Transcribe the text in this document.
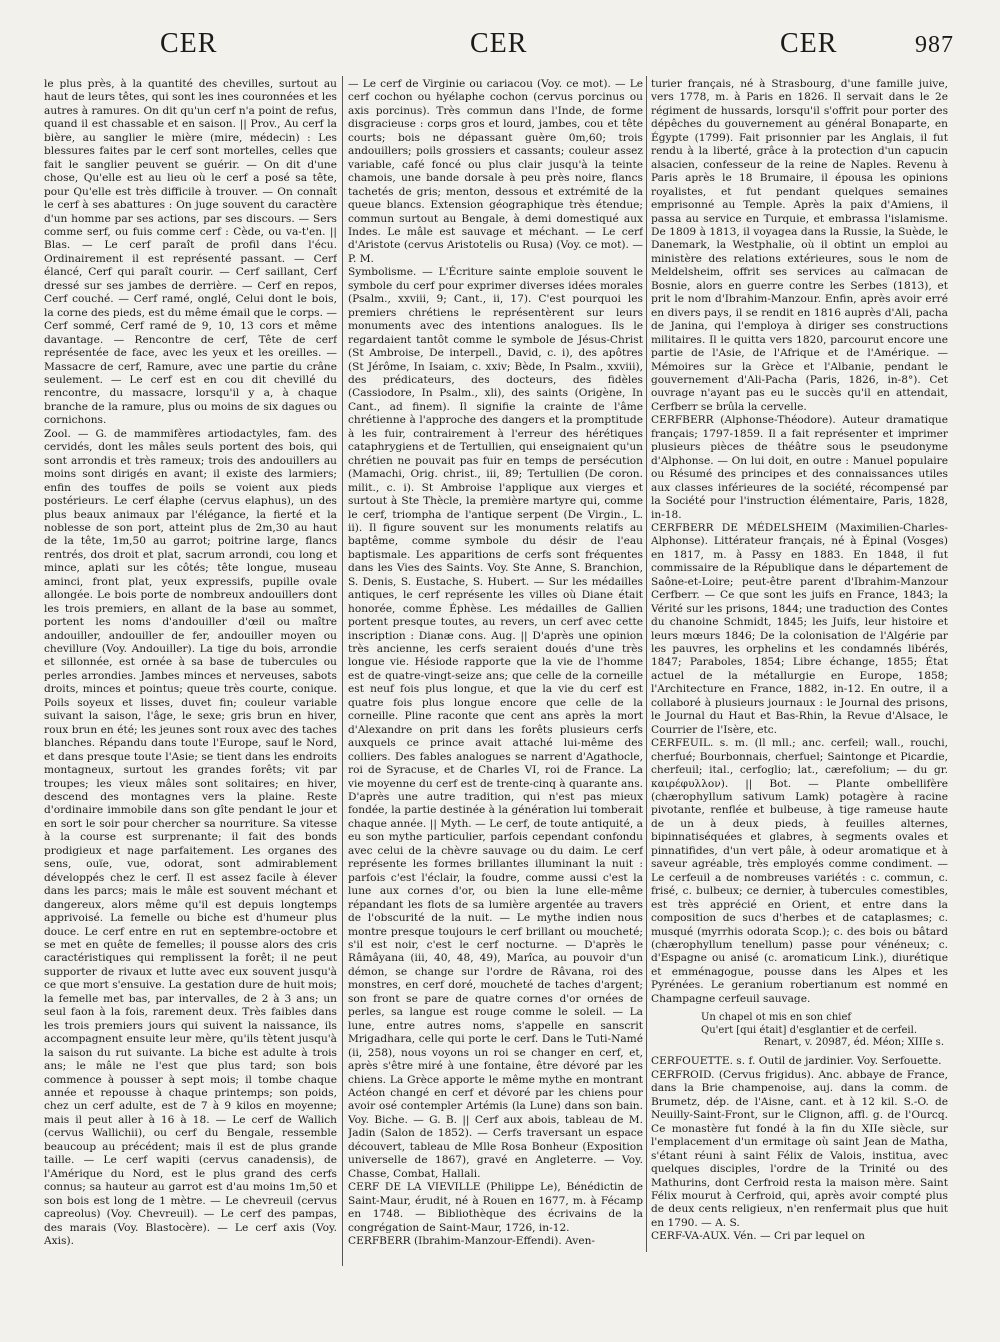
CER	CER	CER	987

le plus près, à la quantité des chevilles, surtout au haut de leurs têtes, qui sont les ines couronnées et les autres à ramures. On dit qu'un cerf n'a point de refus, quand il est chassable et en saison. || Prov., Au cerf la bière, au sanglier le mière (mire, médecin) : Les blessures faites par le cerf sont mortelles, celles que fait le sanglier peuvent se guérir. — On dit d'une chose, Qu'elle est au lieu où le cerf a posé sa tête, pour Qu'elle est très difficile à trouver. — On connaît le cerf à ses abattures : On juge souvent du caractère d'un homme par ses actions, par ses discours. — Sers comme serf, ou fuis comme cerf : Cède, ou va-t'en. || Blas. — Le cerf paraît de profil dans l'écu. Ordinairement il est représenté passant. — Cerf élancé, Cerf qui paraît courir. — Cerf saillant, Cerf dressé sur ses jambes de derrière. — Cerf en repos, Cerf couché. — Cerf ramé, onglé, Celui dont le bois, la corne des pieds, est du même émail que le corps. — Cerf sommé, Cerf ramé de 9, 10, 13 cors et même davantage. — Rencontre de cerf, Tête de cerf représentée de face, avec les yeux et les oreilles. — Massacre de cerf, Ramure, avec une partie du crâne seulement. — Le cerf est en cou dit chevillé du rencontre, du massacre, lorsqu'il y a, à chaque branche de la ramure, plus ou moins de six dagues ou cornichons.

Zool. — G. de mammifères artiodactyles, fam. des cervidés, dont les mâles seuls portent des bois, qui sont arrondis et très rameux; trois des andouillers au moins sont dirigés en avant; il existe des larmiers; enfin des touffes de poils se voient aux pieds postérieurs. Le cerf élaphe (cervus elaphus), un des plus beaux animaux par l'élégance, la fierté et la noblesse de son port, atteint plus de 2m,30 au haut de la tête, 1m,50 au garrot; poitrine large, flancs rentrés, dos droit et plat, sacrum arrondi, cou long et mince, aplati sur les côtés; tête longue, museau aminci, front plat, yeux expressifs, pupille ovale allongée. Le bois porte de nombreux andouillers dont les trois premiers, en allant de la base au sommet, portent les noms d'andouiller d'œil ou maître andouiller, andouiller de fer, andouiller moyen ou chevillure (Voy. Andouiller). La tige du bois, arrondie et sillonnée, est ornée à sa base de tubercules ou perles arrondies. Jambes minces et nerveuses, sabots droits, minces et pointus; queue très courte, conique. Poils soyeux et lisses, duvet fin; couleur variable suivant la saison, l'âge, le sexe; gris brun en hiver, roux brun en été; les jeunes sont roux avec des taches blanches. Répandu dans toute l'Europe, sauf le Nord, et dans presque toute l'Asie; se tient dans les endroits montagneux, surtout les grandes forêts; vit par troupes; les vieux mâles sont solitaires; en hiver, descend des montagnes vers la plaine. Reste d'ordinaire immobile dans son gîte pendant le jour et en sort le soir pour chercher sa nourriture. Sa vitesse à la course est surprenante; il fait des bonds prodigieux et nage parfaitement. Les organes des sens, ouïe, vue, odorat, sont admirablement développés chez le cerf. Il est assez facile à élever dans les parcs; mais le mâle est souvent méchant et dangereux, alors même qu'il est depuis longtemps apprivoisé. La femelle ou biche est d'humeur plus douce. Le cerf entre en rut en septembre-octobre et se met en quête de femelles; il pousse alors des cris caractéristiques qui remplissent la forêt; il ne peut supporter de rivaux et lutte avec eux souvent jusqu'à ce que mort s'ensuive. La gestation dure de huit mois; la femelle met bas, par intervalles, de 2 à 3 ans; un seul faon à la fois, rarement deux. Très faibles dans les trois premiers jours qui suivent la naissance, ils accompagnent ensuite leur mère, qu'ils tètent jusqu'à la saison du rut suivante. La biche est adulte à trois ans; le mâle ne l'est que plus tard; son bois commence à pousser à sept mois; il tombe chaque année et repousse à chaque printemps; son poids, chez un cerf adulte, est de 7 à 9 kilos en moyenne; mais il peut aller à 16 à 18. — Le cerf de Wallich (cervus Wallichii), ou cerf du Bengale, ressemble beaucoup au précédent; mais il est de plus grande taille. — Le cerf wapiti (cervus canadensis), de l'Amérique du Nord, est le plus grand des cerfs connus; sa hauteur au garrot est d'au moins 1m,50 et son bois est long de 1 mètre. — Le chevreuil (cervus capreolus) (Voy. Chevreuil). — Le cerf des pampas, des marais (Voy. Blastocère). — Le cerf axis (Voy. Axis).

— Le cerf de Virginie ou cariacou (Voy. ce mot). — Le cerf cochon ou hyélaphe cochon (cervus porcinus ou axis porcinus). Très commun dans l'Inde, de forme disgracieuse : corps gros et lourd, jambes, cou et tête courts; bois ne dépassant guère 0m,60; trois andouillers; poils grossiers et cassants; couleur assez variable, café foncé ou plus clair jusqu'à la teinte chamois, une bande dorsale à peu près noire, flancs tachetés de gris; menton, dessous et extrémité de la queue blancs. Extension géographique très étendue; commun surtout au Bengale, à demi domestiqué aux Indes. Le mâle est sauvage et méchant. — Le cerf d'Aristote (cervus Aristotelis ou Rusa) (Voy. ce mot). — P. M.

Symbolisme. — L'Écriture sainte emploie souvent le symbole du cerf pour exprimer diverses idées morales (Psalm., xxviii, 9; Cant., ii, 17). C'est pourquoi les premiers chrétiens le représentèrent sur leurs monuments avec des intentions analogues. Ils le regardaient tantôt comme le symbole de Jésus-Christ (St Ambroise, De interpell., David, c. i), des apôtres (St Jérôme, In Isaiam, c. xxiv; Bède, In Psalm., xxviii), des prédicateurs, des docteurs, des fidèles (Cassiodore, In Psalm., xli), des saints (Origène, In Cant., ad finem). Il signifie la crainte de l'âme chrétienne à l'approche des dangers et la promptitude à les fuir, contrairement à l'erreur des hérétiques cataphrygiens et de Tertullien, qui enseignaient qu'un chrétien ne pouvait pas fuir en temps de persécution (Mamachi, Orig. christ., iii, 89; Tertullien (De coron. milit., c. i). St Ambroise l'applique aux vierges et surtout à Ste Thècle, la première martyre qui, comme le cerf, triompha de l'antique serpent (De Virgin., L. ii). Il figure souvent sur les monuments relatifs au baptême, comme symbole du désir de l'eau baptismale. Les apparitions de cerfs sont fréquentes dans les Vies des Saints. Voy. Ste Anne, S. Branchion, S. Denis, S. Eustache, S. Hubert. — Sur les médailles antiques, le cerf représente les villes où Diane était honorée, comme Éphèse. Les médailles de Gallien portent presque toutes, au revers, un cerf avec cette inscription : Dianæ cons. Aug. || D'après une opinion très ancienne, les cerfs seraient doués d'une très longue vie. Hésiode rapporte que la vie de l'homme est de quatre-vingt-seize ans; que celle de la corneille est neuf fois plus longue, et que la vie du cerf est quatre fois plus longue encore que celle de la corneille. Pline raconte que cent ans après la mort d'Alexandre on prit dans les forêts plusieurs cerfs auxquels ce prince avait attaché lui-même des colliers. Des fables analogues se narrent d'Agathocle, roi de Syracuse, et de Charles VI, roi de France. La vie moyenne du cerf est de trente-cinq à quarante ans. D'après une autre tradition, qui n'est pas mieux fondée, la partie destinée à la génération lui tomberait chaque année. || Myth. — Le cerf, de toute antiquité, a eu son mythe particulier, parfois cependant confondu avec celui de la chèvre sauvage ou du daim. Le cerf représente les formes brillantes illuminant la nuit : parfois c'est l'éclair, la foudre, comme aussi c'est la lune aux cornes d'or, ou bien la lune elle-même répandant les flots de sa lumière argentée au travers de l'obscurité de la nuit. — Le mythe indien nous montre presque toujours le cerf brillant ou moucheté; s'il est noir, c'est le cerf nocturne. — D'après le Râmâyana (iii, 40, 48, 49), Marîca, au pouvoir d'un démon, se change sur l'ordre de Râvana, roi des monstres, en cerf doré, moucheté de taches d'argent; son front se pare de quatre cornes d'or ornées de perles, sa langue est rouge comme le soleil. — La lune, entre autres noms, s'appelle en sanscrit Mrigadhara, celle qui porte le cerf. Dans le Tuti-Namé (ii, 258), nous voyons un roi se changer en cerf, et, après s'être miré à une fontaine, être dévoré par les chiens. La Grèce apporte le même mythe en montrant Actéon changé en cerf et dévoré par les chiens pour avoir osé contempler Artémis (la Lune) dans son bain. Voy. Biche. — G. B. || Cerf aux abois, tableau de M. Jadin (Salon de 1852). — Cerfs traversant un espace découvert, tableau de Mlle Rosa Bonheur (Exposition universelle de 1867), gravé en Angleterre. — Voy. Chasse, Combat, Hallali.

CERF DE LA VIEVILLE (Philippe Le), Bénédictin de Saint-Maur, érudit, né à Rouen en 1677, m. à Fécamp en 1748. — Bibliothèque des écrivains de la congrégation de Saint-Maur, 1726, in-12.

CERFBERR (Ibrahim-Manzour-Effendi). Aven-

turier français, né à Strasbourg, d'une famille juive, vers 1778, m. à Paris en 1826. Il servait dans le 2e régiment de hussards, lorsqu'il s'offrit pour porter des dépêches du gouvernement au général Bonaparte, en Égypte (1799). Fait prisonnier par les Anglais, il fut rendu à la liberté, grâce à la protection d'un capucin alsacien, confesseur de la reine de Naples. Revenu à Paris après le 18 Brumaire, il épousa les opinions royalistes, et fut pendant quelques semaines emprisonné au Temple. Après la paix d'Amiens, il passa au service en Turquie, et embrassa l'islamisme. De 1809 à 1813, il voyagea dans la Russie, la Suède, le Danemark, la Westphalie, où il obtint un emploi au ministère des relations extérieures, sous le nom de Meldelsheim, offrit ses services au caïmacan de Bosnie, alors en guerre contre les Serbes (1813), et prit le nom d'Ibrahim-Manzour. Enfin, après avoir erré en divers pays, il se rendit en 1816 auprès d'Ali, pacha de Janina, qui l'employa à diriger ses constructions militaires. Il le quitta vers 1820, parcourut encore une partie de l'Asie, de l'Afrique et de l'Amérique. — Mémoires sur la Grèce et l'Albanie, pendant le gouvernement d'Ali-Pacha (Paris, 1826, in-8°). Cet ouvrage n'ayant pas eu le succès qu'il en attendait, Cerfberr se brûla la cervelle.

CERFBERR (Alphonse-Théodore). Auteur dramatique français; 1797-1859. Il a fait représenter et imprimer plusieurs pièces de théâtre sous le pseudonyme d'Alphonse. — On lui doit, en outre : Manuel populaire ou Résumé des principes et des connaissances utiles aux classes inférieures de la société, récompensé par la Société pour l'instruction élémentaire, Paris, 1828, in-18.

CERFBERR DE MÉDELSHEIM (Maximilien-Charles-Alphonse). Littérateur français, né à Épinal (Vosges) en 1817, m. à Passy en 1883. En 1848, il fut commissaire de la République dans le département de Saône-et-Loire; peut-être parent d'Ibrahim-Manzour Cerfberr. — Ce que sont les juifs en France, 1843; la Vérité sur les prisons, 1844; une traduction des Contes du chanoine Schmidt, 1845; les Juifs, leur histoire et leurs mœurs 1846; De la colonisation de l'Algérie par les pauvres, les orphelins et les condamnés libérés, 1847; Paraboles, 1854; Libre échange, 1855; État actuel de la métallurgie en Europe, 1858; l'Architecture en France, 1882, in-12. En outre, il a collaboré à plusieurs journaux : le Journal des prisons, le Journal du Haut et Bas-Rhin, la Revue d'Alsace, le Courrier de l'Isère, etc.

CERFEUIL. s. m. (ll mll.; anc. cerfeil; wall., rouchi, cherfué; Bourbonnais, cherfuel; Saintonge et Picardie, cherfeuil; ital., cerfoglio; lat., cærefolium; — du gr. καιρέφυλλον). || Bot. — Plante ombellifère (chærophyllum sativum Lamk) potagère à racine pivotante, renflée et bulbeuse, à tige rameuse haute de un à deux pieds, à feuilles alternes, bipinnatiséquées et glabres, à segments ovales et pinnatifides, d'un vert pâle, à odeur aromatique et à saveur agréable, très employés comme condiment. — Le cerfeuil a de nombreuses variétés : c. commun, c. frisé, c. bulbeux; ce dernier, à tubercules comestibles, est très apprécié en Orient, et entre dans la composition de sucs d'herbes et de cataplasmes; c. musqué (myrrhis odorata Scop.); c. des bois ou bâtard (chærophyllum tenellum) passe pour vénéneux; c. d'Espagne ou anisé (c. aromaticum Link.), diurétique et emménagogue, pousse dans les Alpes et les Pyrénées. Le geranium robertianum est nommé en Champagne cerfeuil sauvage.

Un chapel ot mis en son chief
Qu'ert [qui était] d'esglantier et de cerfeil.
Renart, v. 20987, éd. Méon; XIIIe s.

CERFOUETTE. s. f. Outil de jardinier. Voy. Serfouette.

CERFROID. (Cervus frigidus). Anc. abbaye de France, dans la Brie champenoise, auj. dans la comm. de Brumetz, dép. de l'Aisne, cant. et à 12 kil. S.-O. de Neuilly-Saint-Front, sur le Clignon, affl. g. de l'Ourcq. Ce monastère fut fondé à la fin du XIIe siècle, sur l'emplacement d'un ermitage où saint Jean de Matha, s'étant réuni à saint Félix de Valois, institua, avec quelques disciples, l'ordre de la Trinité ou des Mathurins, dont Cerfroid resta la maison mère. Saint Félix mourut à Cerfroid, qui, après avoir compté plus de deux cents religieux, n'en renfermait plus que huit en 1790. — A. S.

CERF-VA-AUX. Vén. — Cri par lequel on
